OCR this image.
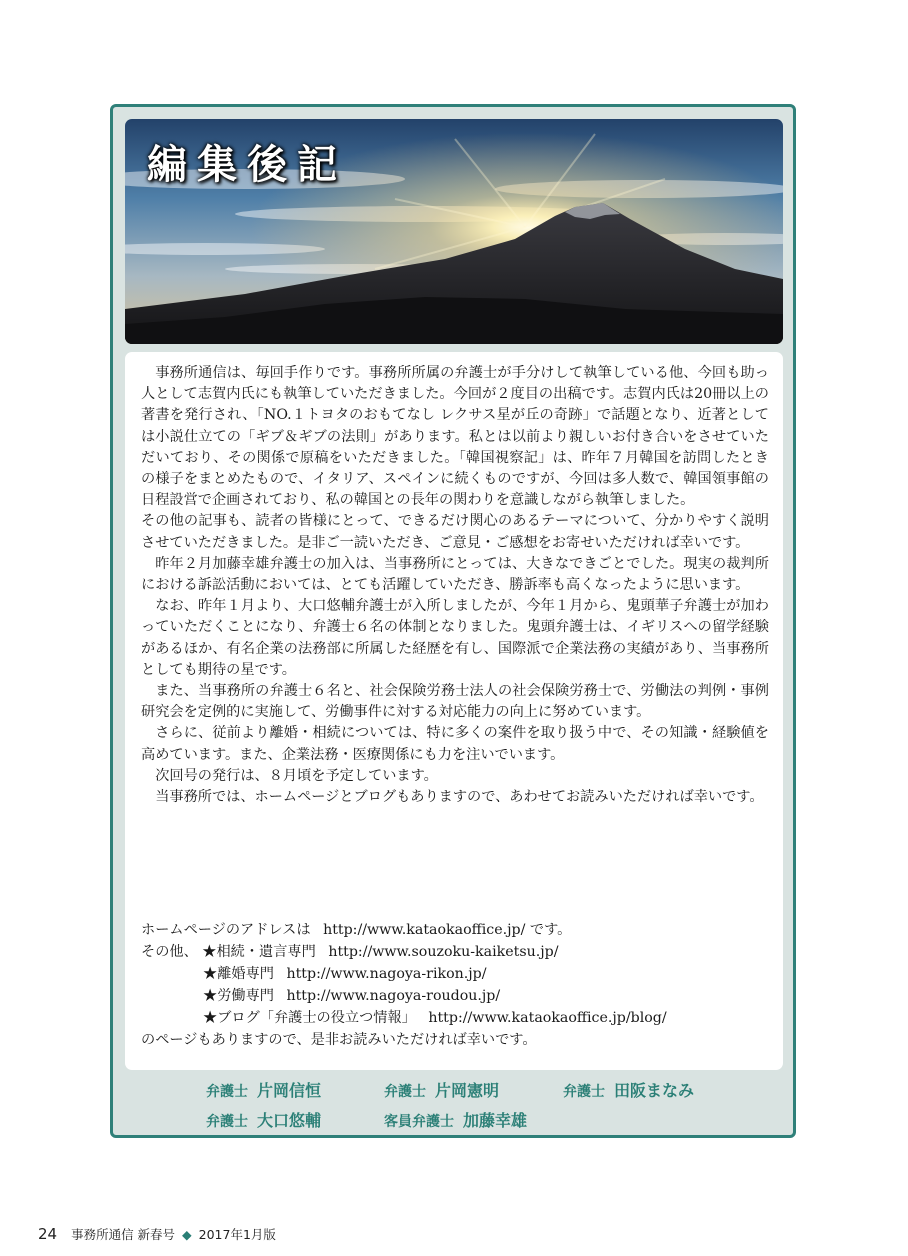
編集後記

事務所通信は、毎回手作りです。事務所所属の弁護士が手分けして執筆している他、今回も助っ人として志賀内氏にも執筆していただきました。今回が２度目の出稿です。志賀内氏は20冊以上の著書を発行され、「NO.１トヨタのおもてなし レクサス星が丘の奇跡」で話題となり、近著としては小説仕立ての「ギブ＆ギブの法則」があります。私とは以前より親しいお付き合いをさせていただいており、その関係で原稿をいただきました。「韓国視察記」は、昨年７月韓国を訪問したときの様子をまとめたもので、イタリア、スペインに続くものですが、今回は多人数で、韓国領事館の日程設営で企画されており、私の韓国との長年の関わりを意識しながら執筆しました。

その他の記事も、読者の皆様にとって、できるだけ関心のあるテーマについて、分かりやすく説明させていただきました。是非ご一読いただき、ご意見・ご感想をお寄せいただければ幸いです。

昨年２月加藤幸雄弁護士の加入は、当事務所にとっては、大きなできごとでした。現実の裁判所における訴訟活動においては、とても活躍していただき、勝訴率も高くなったように思います。

なお、昨年１月より、大口悠輔弁護士が入所しましたが、今年１月から、鬼頭華子弁護士が加わっていただくことになり、弁護士６名の体制となりました。鬼頭弁護士は、イギリスへの留学経験があるほか、有名企業の法務部に所属した経歴を有し、国際派で企業法務の実績があり、当事務所としても期待の星です。

また、当事務所の弁護士６名と、社会保険労務士法人の社会保険労務士で、労働法の判例・事例研究会を定例的に実施して、労働事件に対する対応能力の向上に努めています。

さらに、従前より離婚・相続については、特に多くの案件を取り扱う中で、その知識・経験値を高めています。また、企業法務・医療関係にも力を注いでいます。

次回号の発行は、８月頃を予定しています。

当事務所では、ホームページとブログもありますので、あわせてお読みいただければ幸いです。

ホームページのアドレスは http://www.kataokaoffice.jp/ です。
その他、 ★相続・遺言専門 http://www.souzoku-kaiketsu.jp/
★離婚専門 http://www.nagoya-rikon.jp/
★労働専門 http://www.nagoya-roudou.jp/
★ブログ「弁護士の役立つ情報」 http://www.kataokaoffice.jp/blog/
のページもありますので、是非お読みいただければ幸いです。
弁護士 片岡信恒	弁護士 片岡憲明	弁護士 田阪まなみ
弁護士 大口悠輔	客員弁護士 加藤幸雄
24 事務所通信 新春号 ◆ 2017年1月版
